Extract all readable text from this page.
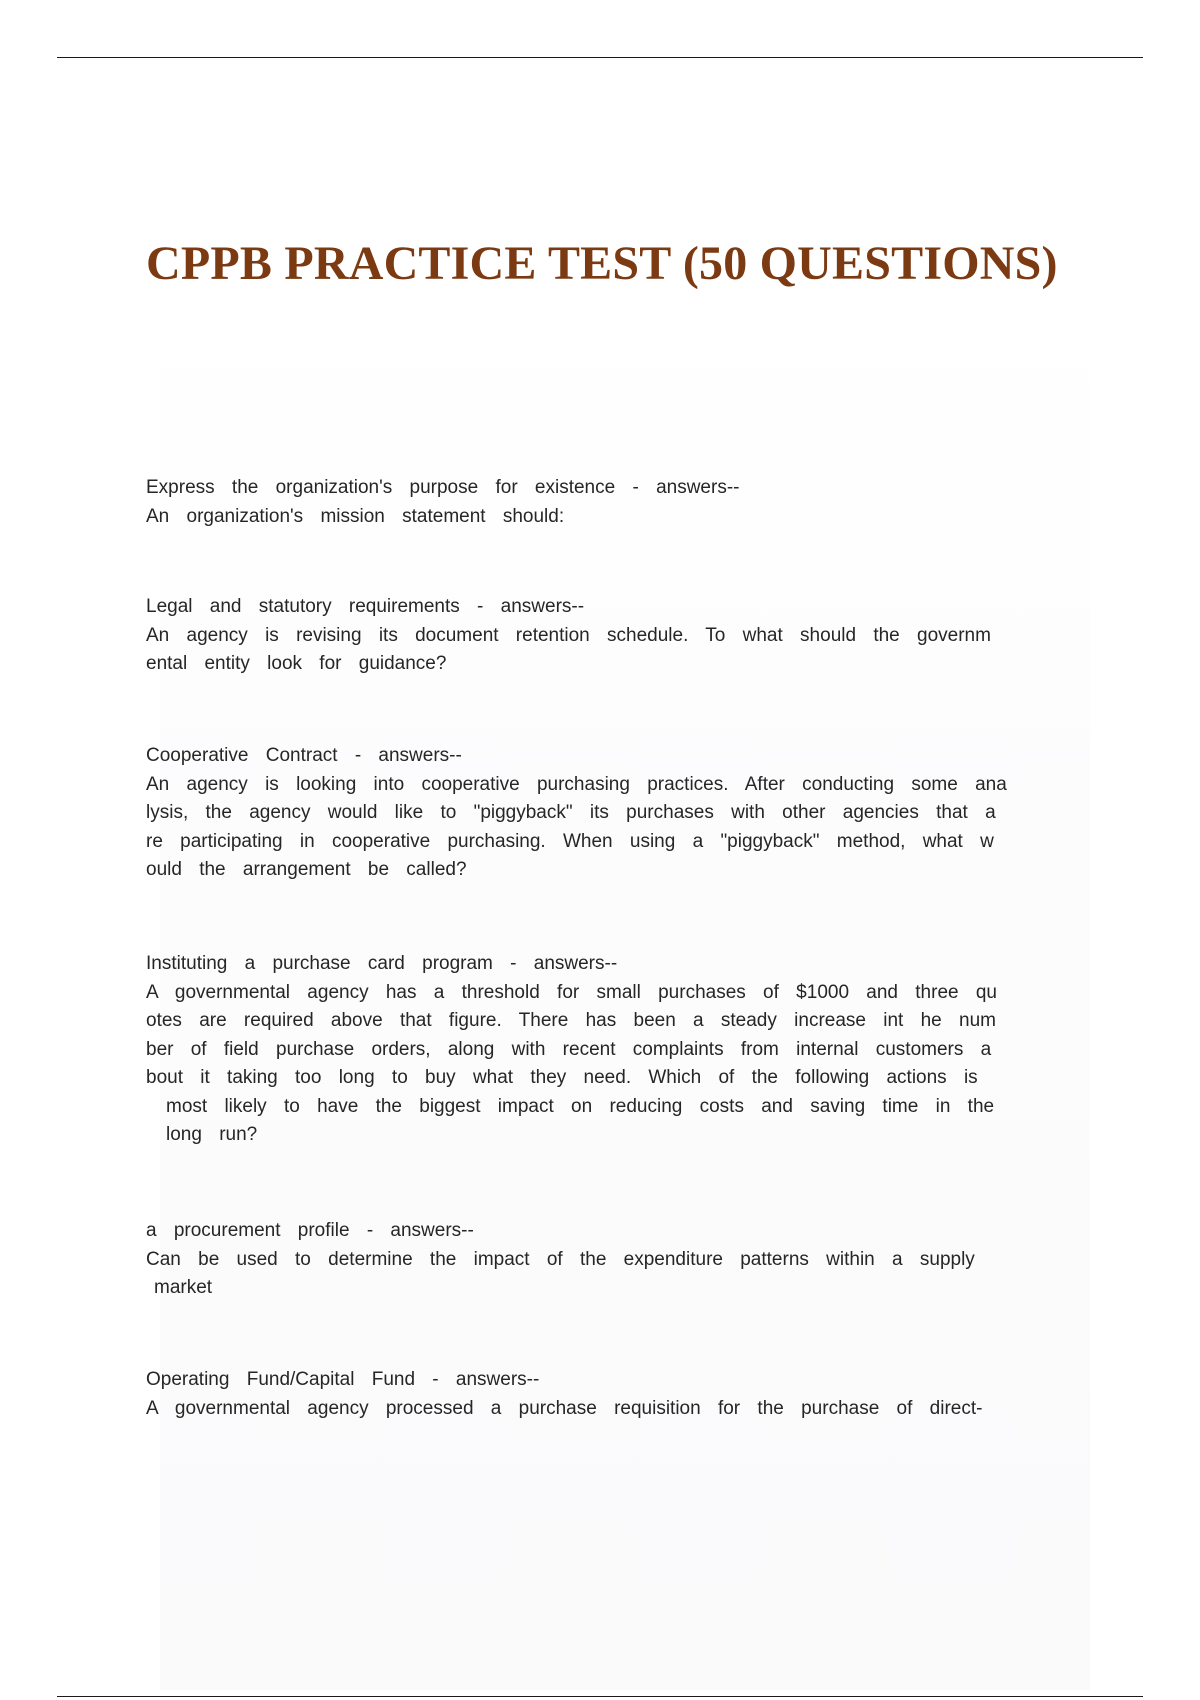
CPPB PRACTICE TEST (50 QUESTIONS)
Express the organization's purpose for existence - answers--
An organization's mission statement should:
Legal and statutory requirements - answers--
An agency is revising its document retention schedule. To what should the governm
ental entity look for guidance?
Cooperative Contract - answers--
An agency is looking into cooperative purchasing practices. After conducting some ana
lysis, the agency would like to "piggyback" its purchases with other agencies that a
re participating in cooperative purchasing. When using a "piggyback" method, what w
ould the arrangement be called?
Instituting a purchase card program - answers--
A governmental agency has a threshold for small purchases of $1000 and three qu
otes are required above that figure. There has been a steady increase int he num
ber of field purchase orders, along with recent complaints from internal customers a
bout it taking too long to buy what they need. Which of the following actions is
most likely to have the biggest impact on reducing costs and saving time in the
long run?
a procurement profile - answers--
Can be used to determine the impact of the expenditure patterns within a supply
market
Operating Fund/Capital Fund - answers--
A governmental agency processed a purchase requisition for the purchase of direct-
